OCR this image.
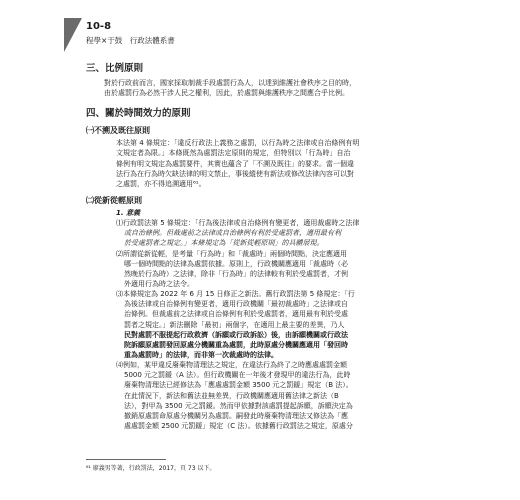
10-8
程學×于鼓　行政法體系書
三、比例原則

對於行政前而言，國家採取制裁手段處罰行為人，以達到維護社會秩序之目的時，

由於處罰行為必然干涉人民之權利，因此，於處罰與維護秩序之間應合乎比例。

四、關於時間效力的原則
㈠不溯及既往原則

本法第 4 條規定：「違反行政法上義務之處罰，以行為時之法律或自治條例有明

文規定者為限。」本條既然為處罰法定原則的規定，但特別以「行為時」自治

條例有明文規定為處罰要件，其實也蘊含了「不溯及既往」的要求。當一個違

法行為在行為時欠缺法律的明文禁止，事後縱使有新法或修改法律內容可以對

之處罰，亦不得追溯適用⁶¹。

㈡從新從輕原則

1. 意義

⑴行政罰法第 5 條規定：「行為後法律或自治條例有變更者，適用裁處時之法律

或自治條例。但裁處前之法律或自治條例有利於受處罰者，適用最有利

於受處罰者之規定。」本條規定為「從新從輕原則」的具體展現。

⑵所謂從新從輕，是考量「行為時」和「裁處時」兩個時間點，決定應適用

哪一個時間點的法律為處罰依據。原則上，行政機關應適用「裁處時（必

然晚於行為時）之法律，除非「行為時」的法律較有利於受處罰者，才例

外適用行為時之法令。

⑶本條規定為 2022 年 6 月 15 日修正之新法。舊行政罰法第 5 條規定：「行

為後法律或自治條例有變更者，適用行政機關「最初裁處時」之法律或自

治條例。但裁處前之法律或自治條例有利於受處罰者，適用最有利於受處

罰者之規定。」新法刪除「最初」兩個字，在適用上最主要的差異，乃人

民對處罰不服提起行政救濟（訴願或行政訴訟）後，由訴願機關或行政法

院訴願原處罰發回原處分機關重為處罰，此時原處分機關應適用「發回時

重為處罰時」的法律，而非第一次裁處時的法律。

⑷例如，某甲違反廢棄物清理法之規定，在違法行為終了之時應處處罰金額

5000 元之罰鍰（A 法）。但行政機關在一年後才發現甲的違法行為，此時

廢棄物清理法已經修法為「應處處罰金額 3500 元之罰鍰」規定（B 法）。

在此情況下，新法和舊法並無差異，行政機關應適用舊法律之新法（B

法），對甲為 3500 元之罰鍰。然而甲依據對該處罰提起訴願，訴願決定為

撤銷原處罰命原處分機關另為處罰。嗣發此時廢棄物清理法又修法為「應

處處罰金額 2500 元罰鍰」規定（C 法）。依據舊行政罰法之規定，原處分

⁶¹ 廖義男等著，行政罰法，2017，頁 73 以下。
